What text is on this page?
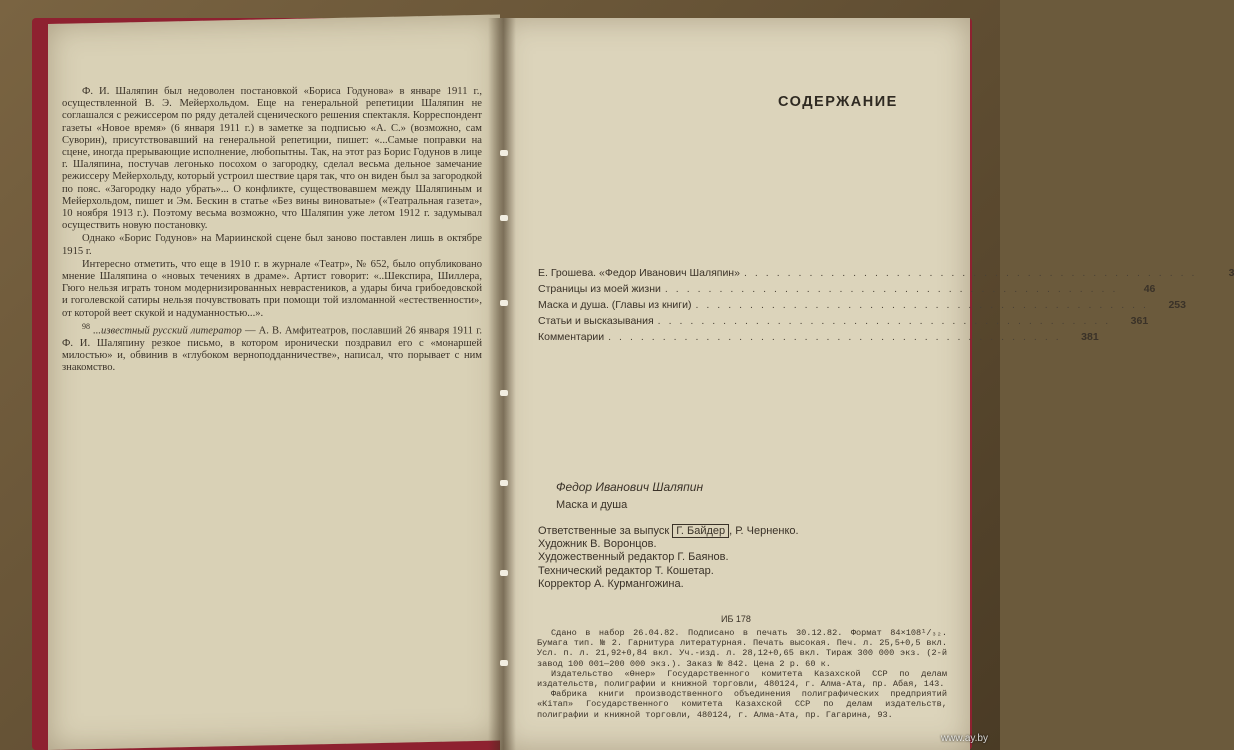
Ф. И. Шаляпин был недоволен постановкой «Бориса Годунова» в январе 1911 г., осуществленной В. Э. Мейерхольдом. Еще на генеральной репетиции Шаляпин не соглашался с режиссером по ряду деталей сценического решения спектакля. Корреспондент газеты «Новое время» (6 января 1911 г.) в заметке за подписью «А. С.» (возможно, сам Суворин), присутствовавший на генеральной репетиции, пишет: «...Самые поправки на сцене, иногда прерывающие исполнение, любопытны. Так, на этот раз Борис Годунов в лице г. Шаляпина, постучав легонько посохом о загородку, сделал весьма дельное замечание режиссеру Мейерхольду, который устроил шествие царя так, что он виден был за загородкой по пояс. «Загородку надо убрать»... О конфликте, существовавшем между Шаляпиным и Мейерхольдом, пишет и Эм. Бескин в статье «Без вины виноватые» («Театральная газета», 10 ноября 1913 г.). Поэтому весьма возможно, что Шаляпин уже летом 1912 г. задумывал осуществить новую постановку.

Однако «Борис Годунов» на Мариинской сцене был заново поставлен лишь в октябре 1915 г.

Интересно отметить, что еще в 1910 г. в журнале «Театр», № 652, было опубликовано мнение Шаляпина о «новых течениях в драме». Артист говорит: «..Шекспира, Шиллера, Гюго нельзя играть тоном модернизированных неврастеников, а удары бича грибоедовской и гоголевской сатиры нельзя почувствовать при помощи той изломанной «естественности», от которой веет скукой и надуманностью...».

$^{98}$ ...известный русский литератор — А. В. Амфитеатров, пославший 26 января 1911 г. Ф. И. Шаляпину резкое письмо, в котором иронически поздравил его с «монаршей милостью» и, обвинив в «глубоком верноподданничестве», написал, что порывает с ним знакомство.

СОДЕРЖАНИЕ
Е. Грошева. «Федор Иванович Шаляпин» ..........................................	3
Страницы из моей жизни ..........................................	46
Маска и душа. (Главы из книги) ..........................................	253
Статьи и высказывания ..........................................	361
Комментарии ..........................................	381
Федор Иванович Шаляпин
Маска и душа
Ответственные за выпуск Г. Байдер , Р. Черненко.
Художник В. Воронцов.
Художественный редактор Г. Баянов.
Технический редактор Т. Кошетар.
Корректор А. Курмангожина.
ИБ 178

Сдано в набор 26.04.82. Подписано в печать 30.12.82. Формат 84×108¹/₃₂. Бумага тип. № 2. Гарнитура литературная. Печать высокая. Печ. л. 25,5+0,5 вкл. Усл. п. л. 21,92+0,84 вкл. Уч.-изд. л. 28,12+0,65 вкл. Тираж 300 000 экз. (2-й завод 100 001—200 000 экз.). Заказ № 842. Цена 2 р. 60 к.

Издательство «Өнер» Государственного комитета Казахской ССР по делам издательств, полиграфии и книжной торговли, 480124, г. Алма-Ата, пр. Абая, 143.

Фабрика книги производственного объединения полиграфических предприятий «Кітап» Государственного комитета Казахской ССР по делам издательств, полиграфии и книжной торговли, 480124, г. Алма-Ата, пр. Гагарина, 93.

www.ay.by
